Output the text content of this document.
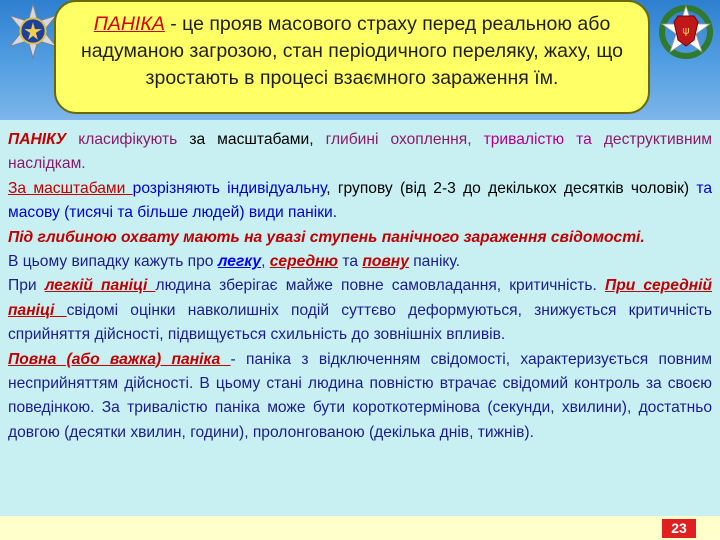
ψ
ПАНІКА - це прояв масового страху перед реальною або надуманою загрозою, стан періодичного переляку, жаху, що зростають в процесі взаємного зараження їм.

ПАНІКУ класифікують за масштабами, глибині охоплення, тривалістю та деструктивним наслідкам.

За масштабами розрізняють індивідуальну, групову (від 2-3 до декількох десятків чоловік) та масову (тисячі та більше людей) види паніки.

Під глибиною охвату мають на увазі ступень панічного зараження свідомості.

В цьому випадку кажуть про легку, середню та повну паніку.

При легкій паніці людина зберігає майже повне самовладання, критичність. При середній паніці свідомі оцінки навколишніх подій суттєво деформуються, знижується критичність сприйняття дійсності, підвищується схильність до зовнішніх впливів.

Повна (або важка) паніка - паніка з відключенням свідомості, характеризується повним несприйняттям дійсності. В цьому стані людина повністю втрачає свідомий контроль за своєю поведінкою. За тривалістю паніка може бути короткотермінова (секунди, хвилини), достатньо довгою (десятки хвилин, години), пролонгованою (декілька днів, тижнів).

23
